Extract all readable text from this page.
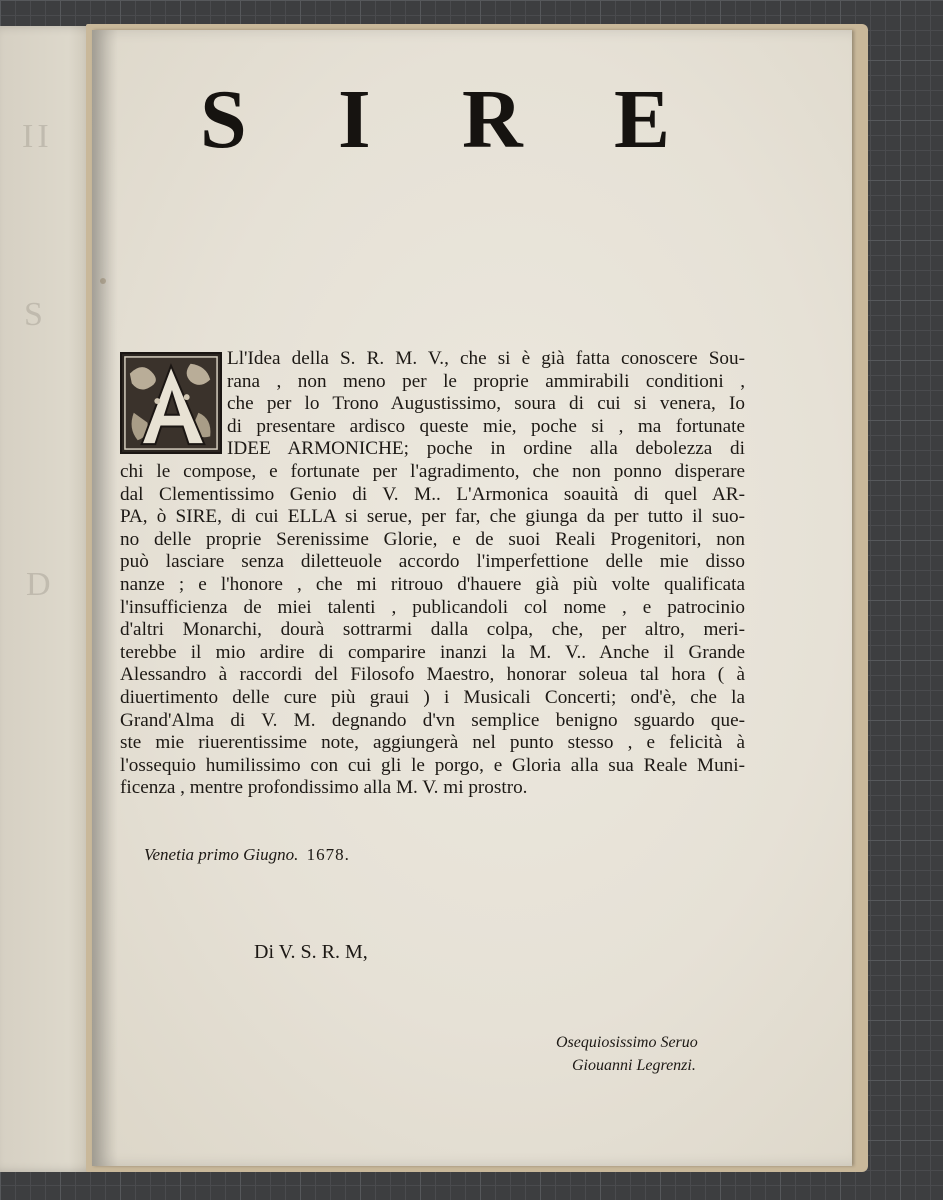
II
S
D
S I R E
Ll'Idea della S. R. M. V., che si è già fatta conoscere Sou-
rana , non meno per le proprie ammirabili conditioni ,
che per lo Trono Augustissimo, soura di cui si venera, Io
di presentare ardisco queste mie, poche si , ma fortunate
IDEE ARMONICHE; poche in ordine alla debolezza di
chi le compose, e fortunate per l'agradimento, che non ponno disperare
dal Clementissimo Genio di V. M.. L'Armonica soauità di quel AR-
PA, ò SIRE, di cui ELLA si serue, per far, che giunga da per tutto il suo-
no delle proprie Serenissime Glorie, e de suoi Reali Progenitori, non
può lasciare senza diletteuole accordo l'imperfettione delle mie disso
nanze ; e l'honore , che mi ritrouo d'hauere già più volte qualificata
l'insufficienza de miei talenti , publicandoli col nome , e patrocinio
d'altri Monarchi, dourà sottrarmi dalla colpa, che, per altro, meri-
terebbe il mio ardire di comparire inanzi la M. V.. Anche il Grande
Alessandro à raccordi del Filosofo Maestro, honorar soleua tal hora ( à
diuertimento delle cure più graui ) i Musicali Concerti; ond'è, che la
Grand'Alma di V. M. degnando d'vn semplice benigno sguardo que-
ste mie riuerentissime note, aggiungerà nel punto stesso , e felicità à
l'ossequio humilissimo con cui gli le porgo, e Gloria alla sua Reale Muni-
ficenza , mentre profondissimo alla M. V. mi prostro.
Venetia primo Giugno. 1678.
Di V. S. R. M,
Osequiosissimo Seruo
Giouanni Legrenzi.
